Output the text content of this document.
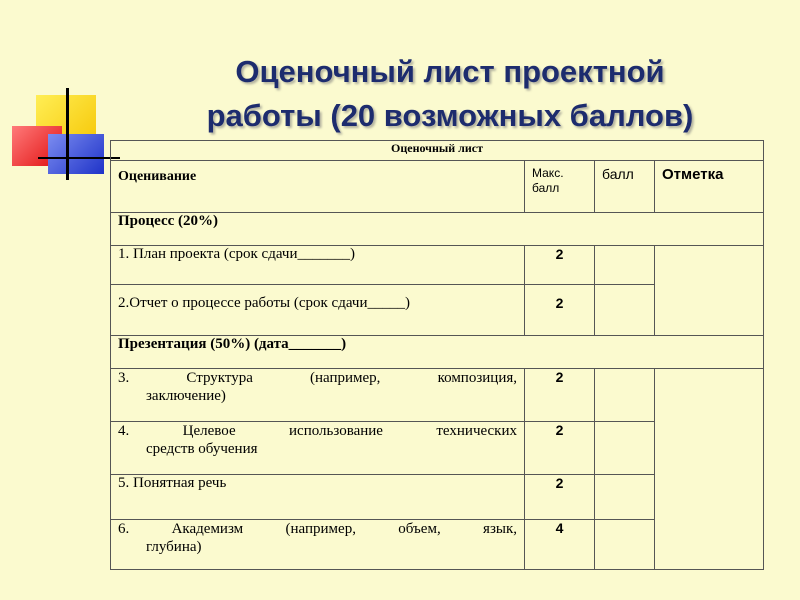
Оценочный лист проектной
работы (20 возможных баллов)
Оценочный лист			
Оценивание	Макс. балл	балл	Отметка
Процесс (20%)			
1. План проекта (срок сдачи_______)	2		
2.Отчет о процессе работы (срок сдачи_____)	2		
Презентация (50%) (дата_______)			

3. Структура (например, композиция,
заключение)	2		

4. Целевое использование технических
средств обучения	2		
5. Понятная речь	2		

6. Академизм (например, объем, язык,
глубина)	4		
